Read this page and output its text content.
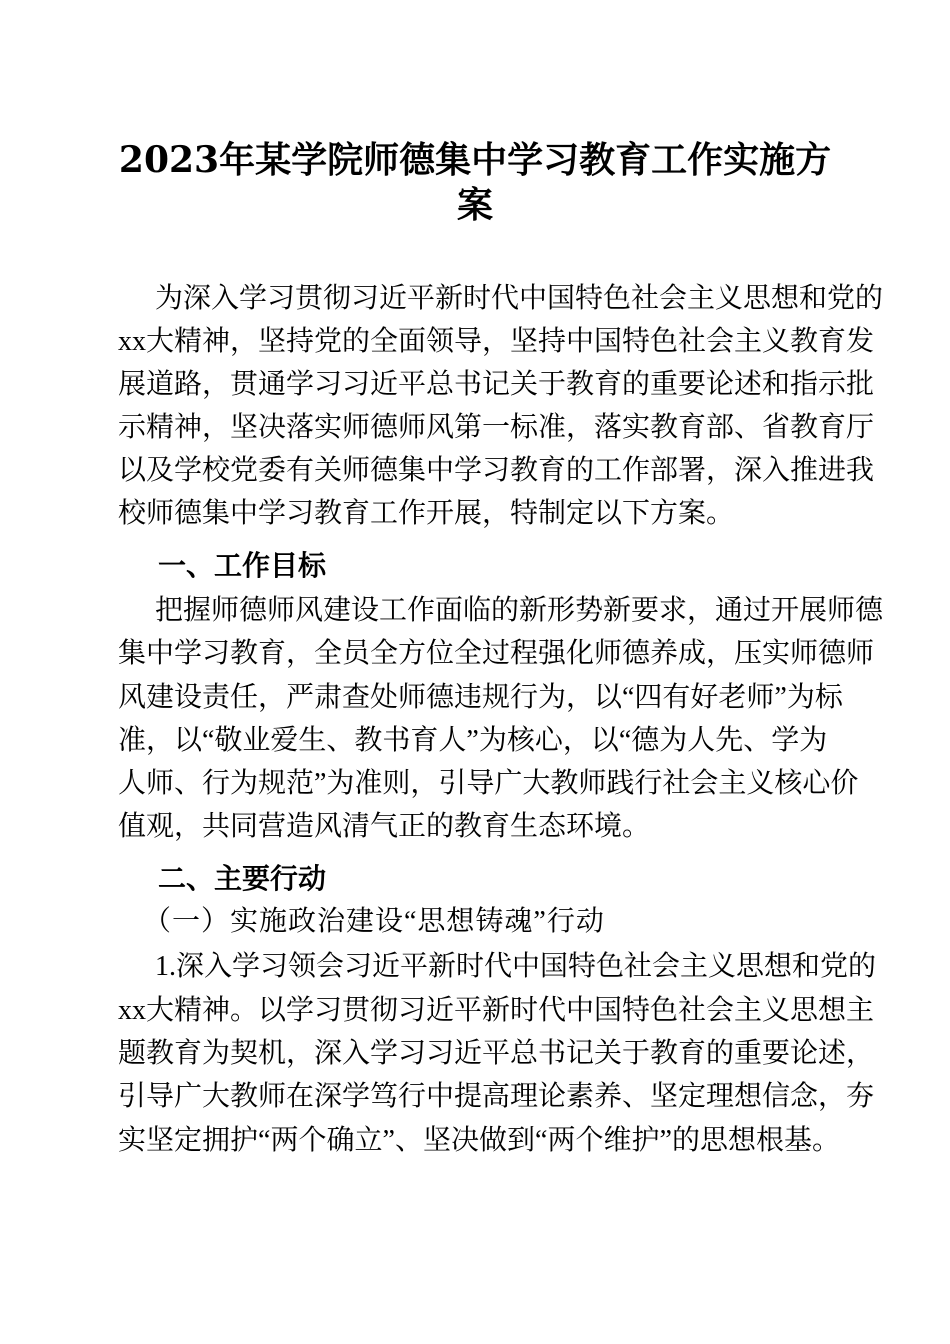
2023年某学院师德集中学习教育工作实施方
案
为深入学习贯彻习近平新时代中国特色社会主义思想和党的
xx大精神，坚持党的全面领导，坚持中国特色社会主义教育发
展道路，贯通学习习近平总书记关于教育的重要论述和指示批
示精神，坚决落实师德师风第一标准，落实教育部、省教育厅
以及学校党委有关师德集中学习教育的工作部署，深入推进我
校师德集中学习教育工作开展，特制定以下方案。
一、工作目标
把握师德师风建设工作面临的新形势新要求，通过开展师德
集中学习教育，全员全方位全过程强化师德养成，压实师德师
风建设责任，严肃查处师德违规行为，以“四有好老师”为标
准，以“敬业爱生、教书育人”为核心，以“德为人先、学为
人师、行为规范”为准则，引导广大教师践行社会主义核心价
值观，共同营造风清气正的教育生态环境。
二、主要行动
（一）实施政治建设“思想铸魂”行动
1.深入学习领会习近平新时代中国特色社会主义思想和党的
xx大精神。以学习贯彻习近平新时代中国特色社会主义思想主
题教育为契机，深入学习习近平总书记关于教育的重要论述，
引导广大教师在深学笃行中提高理论素养、坚定理想信念，夯
实坚定拥护“两个确立”、坚决做到“两个维护”的思想根基。
